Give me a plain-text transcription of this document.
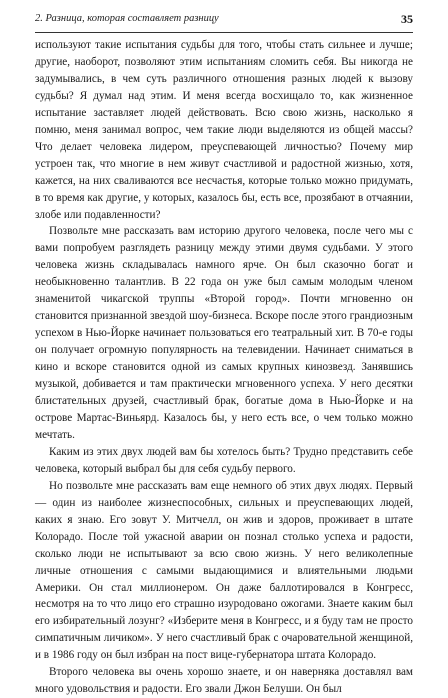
2. Разница, которая составляет разницу	35

используют такие испытания судьбы для того, чтобы стать сильнее и лучше; другие, наоборот, позволяют этим испытаниям сломить себя. Вы никогда не задумывались, в чем суть различного отношения разных людей к вызову судьбы? Я думал над этим. И меня всегда восхищало то, как жизненное испытание заставляет людей действовать. Всю свою жизнь, насколько я помню, меня занимал вопрос, чем такие люди выделяются из общей массы? Что делает человека лидером, преуспевающей личностью? Почему мир устроен так, что многие в нем живут счастливой и радостной жизнью, хотя, кажется, на них сваливаются все несчастья, которые только можно придумать, в то время как другие, у которых, казалось бы, есть все, прозябают в отчаянии, злобе или подавленности?

Позвольте мне рассказать вам историю другого человека, после чего мы с вами попробуем разглядеть разницу между этими двумя судьбами. У этого человека жизнь складывалась намного ярче. Он был сказочно богат и необыкновенно талантлив. В 22 года он уже был самым молодым членом знаменитой чикагской труппы «Второй город». Почти мгновенно он становится признанной звездой шоу-бизнеса. Вскоре после этого грандиозным успехом в Нью-Йорке начинает пользоваться его театральный хит. В 70-е годы он получает огромную популярность на телевидении. Начинает сниматься в кино и вскоре становится одной из самых крупных кинозвезд. Занявшись музыкой, добивается и там практически мгновенного успеха. У него десятки блистательных друзей, счастливый брак, богатые дома в Нью-Йорке и на острове Мартас-Виньярд. Казалось бы, у него есть все, о чем только можно мечтать.

Каким из этих двух людей вам бы хотелось быть? Трудно представить себе человека, который выбрал бы для себя судьбу первого.

Но позвольте мне рассказать вам еще немного об этих двух людях. Первый — один из наиболее жизнеспособных, сильных и преуспевающих людей, каких я знаю. Его зовут У. Митчелл, он жив и здоров, проживает в штате Колорадо. После той ужасной аварии он познал столько успеха и радости, сколько люди не испытывают за всю свою жизнь. У него великолепные личные отношения с самыми выдающимися и влиятельными людьми Америки. Он стал миллионером. Он даже баллотировался в Конгресс, несмотря на то что лицо его страшно изуродовано ожогами. Знаете каким был его избирательный лозунг? «Изберите меня в Конгресс, и я буду там не просто симпатичным личиком». У него счастливый брак с очаровательной женщиной, и в 1986 году он был избран на пост вице-губернатора штата Колорадо.

Второго человека вы очень хорошо знаете, и он наверняка доставлял вам много удовольствия и радости. Его звали Джон Белуши. Он был
